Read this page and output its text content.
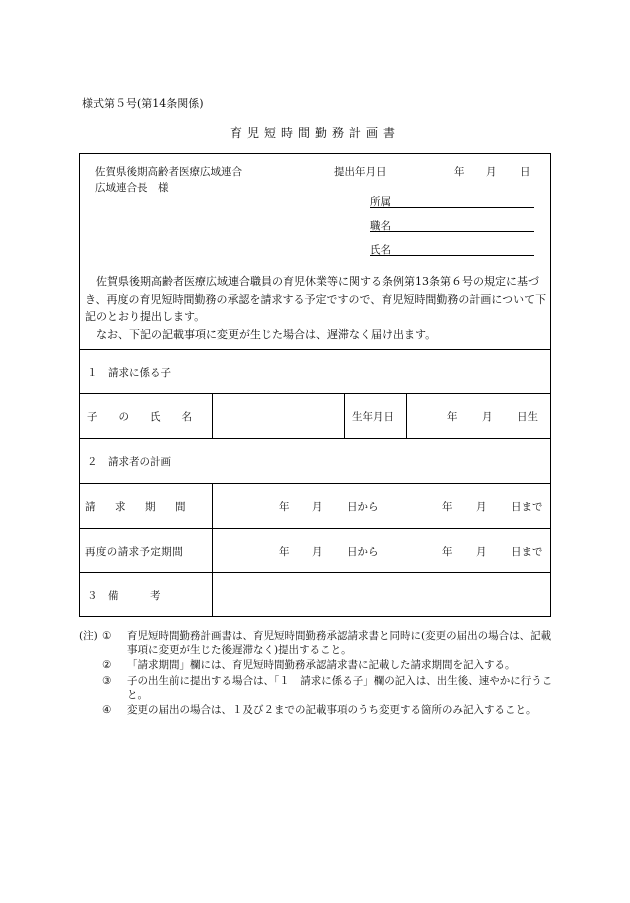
様式第５号(第14条関係)
育児短時間勤務計画書
佐賀県後期高齢者医療広域連合
広域連合長　様
提出年月日	年 月 日
所属
職名
氏名
佐賀県後期高齢者医療広域連合職員の育児休業等に関する条例第13条第６号の規定に基づき、再度の育児短時間勤務の承認を請求する予定ですので、育児短時間勤務の計画について下記のとおり提出します。
なお、下記の記載事項に変更が生じた場合は、遅滞なく届け出ます。
１　請求に係る子
子　　の　　氏　　名	生年月日	年 月 日生
２　請求者の計画
請　　求　　期　　間	年 月 日から	年 月 日まで
再度の請求予定期間	年 月 日から	年 月 日まで
３　備　　　考
(注) ① 育児短時間勤務計画書は、育児短時間勤務承認請求書と同時に(変更の届出の場合は、記載事項に変更が生じた後遅滞なく)提出すること。
② 「請求期間」欄には、育児短時間勤務承認請求書に記載した請求期間を記入する。
③ 子の出生前に提出する場合は、「１　請求に係る子」欄の記入は、出生後、速やかに行うこと。
④ 変更の届出の場合は、１及び２までの記載事項のうち変更する箇所のみ記入すること。
